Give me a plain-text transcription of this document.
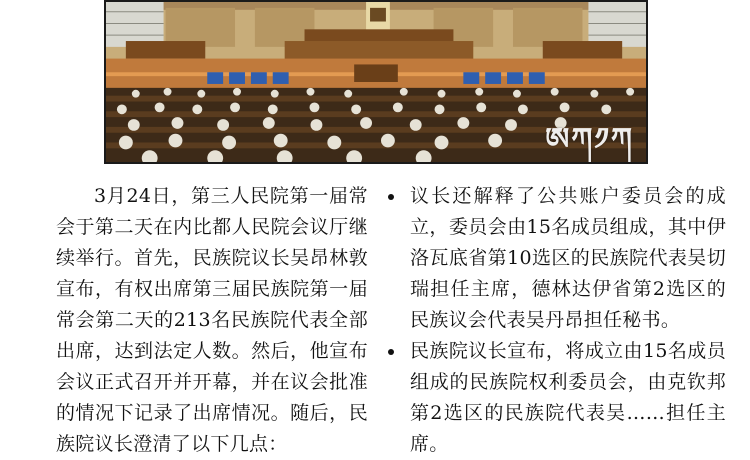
ཨཀ༡ཀ

3月24日，第三人民院第一届常会于第二天在内比都人民院会议厅继续举行。首先，民族院议长吴昂林敦宣布，有权出席第三届民族院第一届常会第二天的213名民族院代表全部出席，达到法定人数。然后，他宣布会议正式召开并开幕，并在议会批准的情况下记录了出席情况。随后，民族院议长澄清了以下几点：

议长还解释了公共账户委员会的成立，委员会由15名成员组成，其中伊洛瓦底省第10选区的民族院代表吴切瑞担任主席，德林达伊省第2选区的民族议会代表吴丹昂担任秘书。
民族院议长宣布，将成立由15名成员组成的民族院权利委员会，由克钦邦第2选区的民族院代表吴……担任主席。
